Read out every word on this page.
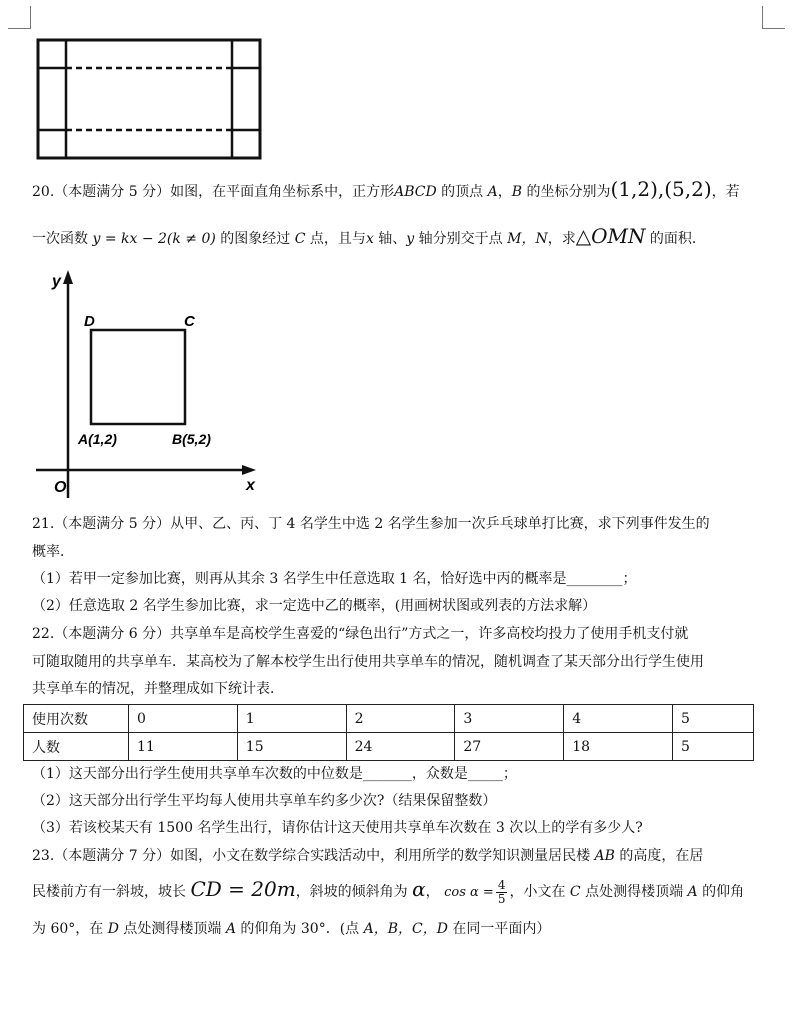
20.（本题满分 5 分）如图，在平面直角坐标系中，正方形ABCD 的顶点 A，B 的坐标分别为(1,2),(5,2)，若
一次函数 y = kx − 2(k ≠ 0) 的图象经过 C 点，且与x 轴、y 轴分别交于点 M，N，求△OMN 的面积．
y
x
O
D	C
A(1,2)	B(5,2)
21.（本题满分 5 分）从甲、乙、丙、丁 4 名学生中选 2 名学生参加一次乒乓球单打比赛，求下列事件发生的
概率．
（1）若甲一定参加比赛，则再从其余 3 名学生中任意选取 1 名，恰好选中丙的概率是________；
（2）任意选取 2 名学生参加比赛，求一定选中乙的概率，(用画树状图或列表的方法求解）
22.（本题满分 6 分）共享单车是高校学生喜爱的“绿色出行”方式之一，许多高校均投力了使用手机支付就
可随取随用的共享单车．某高校为了解本校学生出行使用共享单车的情况，随机调查了某天部分出行学生使用
共享单车的情况，并整理成如下统计表．
使用次数	0	1	2	3	4	5
人数	11	15	24	27	18	5
（1）这天部分出行学生使用共享单车次数的中位数是_______，众数是_____；
（2）这天部分出行学生平均每人使用共享单车约多少次?（结果保留整数）
（3）若该校某天有 1500 名学生出行，请你估计这天使用共享单车次数在 3 次以上的学有多少人?
23.（本题满分 7 分）如图，小文在数学综合实践活动中，利用所学的数学知识测量居民楼 AB 的高度，在居
民楼前方有一斜坡，坡长 CD = 20m，斜坡的倾斜角为 α， $\cos \alpha = \frac{4}{5}$ ，小文在 C 点处测得楼顶端 A 的仰角
为 60°，在 D 点处测得楼顶端 A 的仰角为 30°．(点 A，B，C，D 在同一平面内）
